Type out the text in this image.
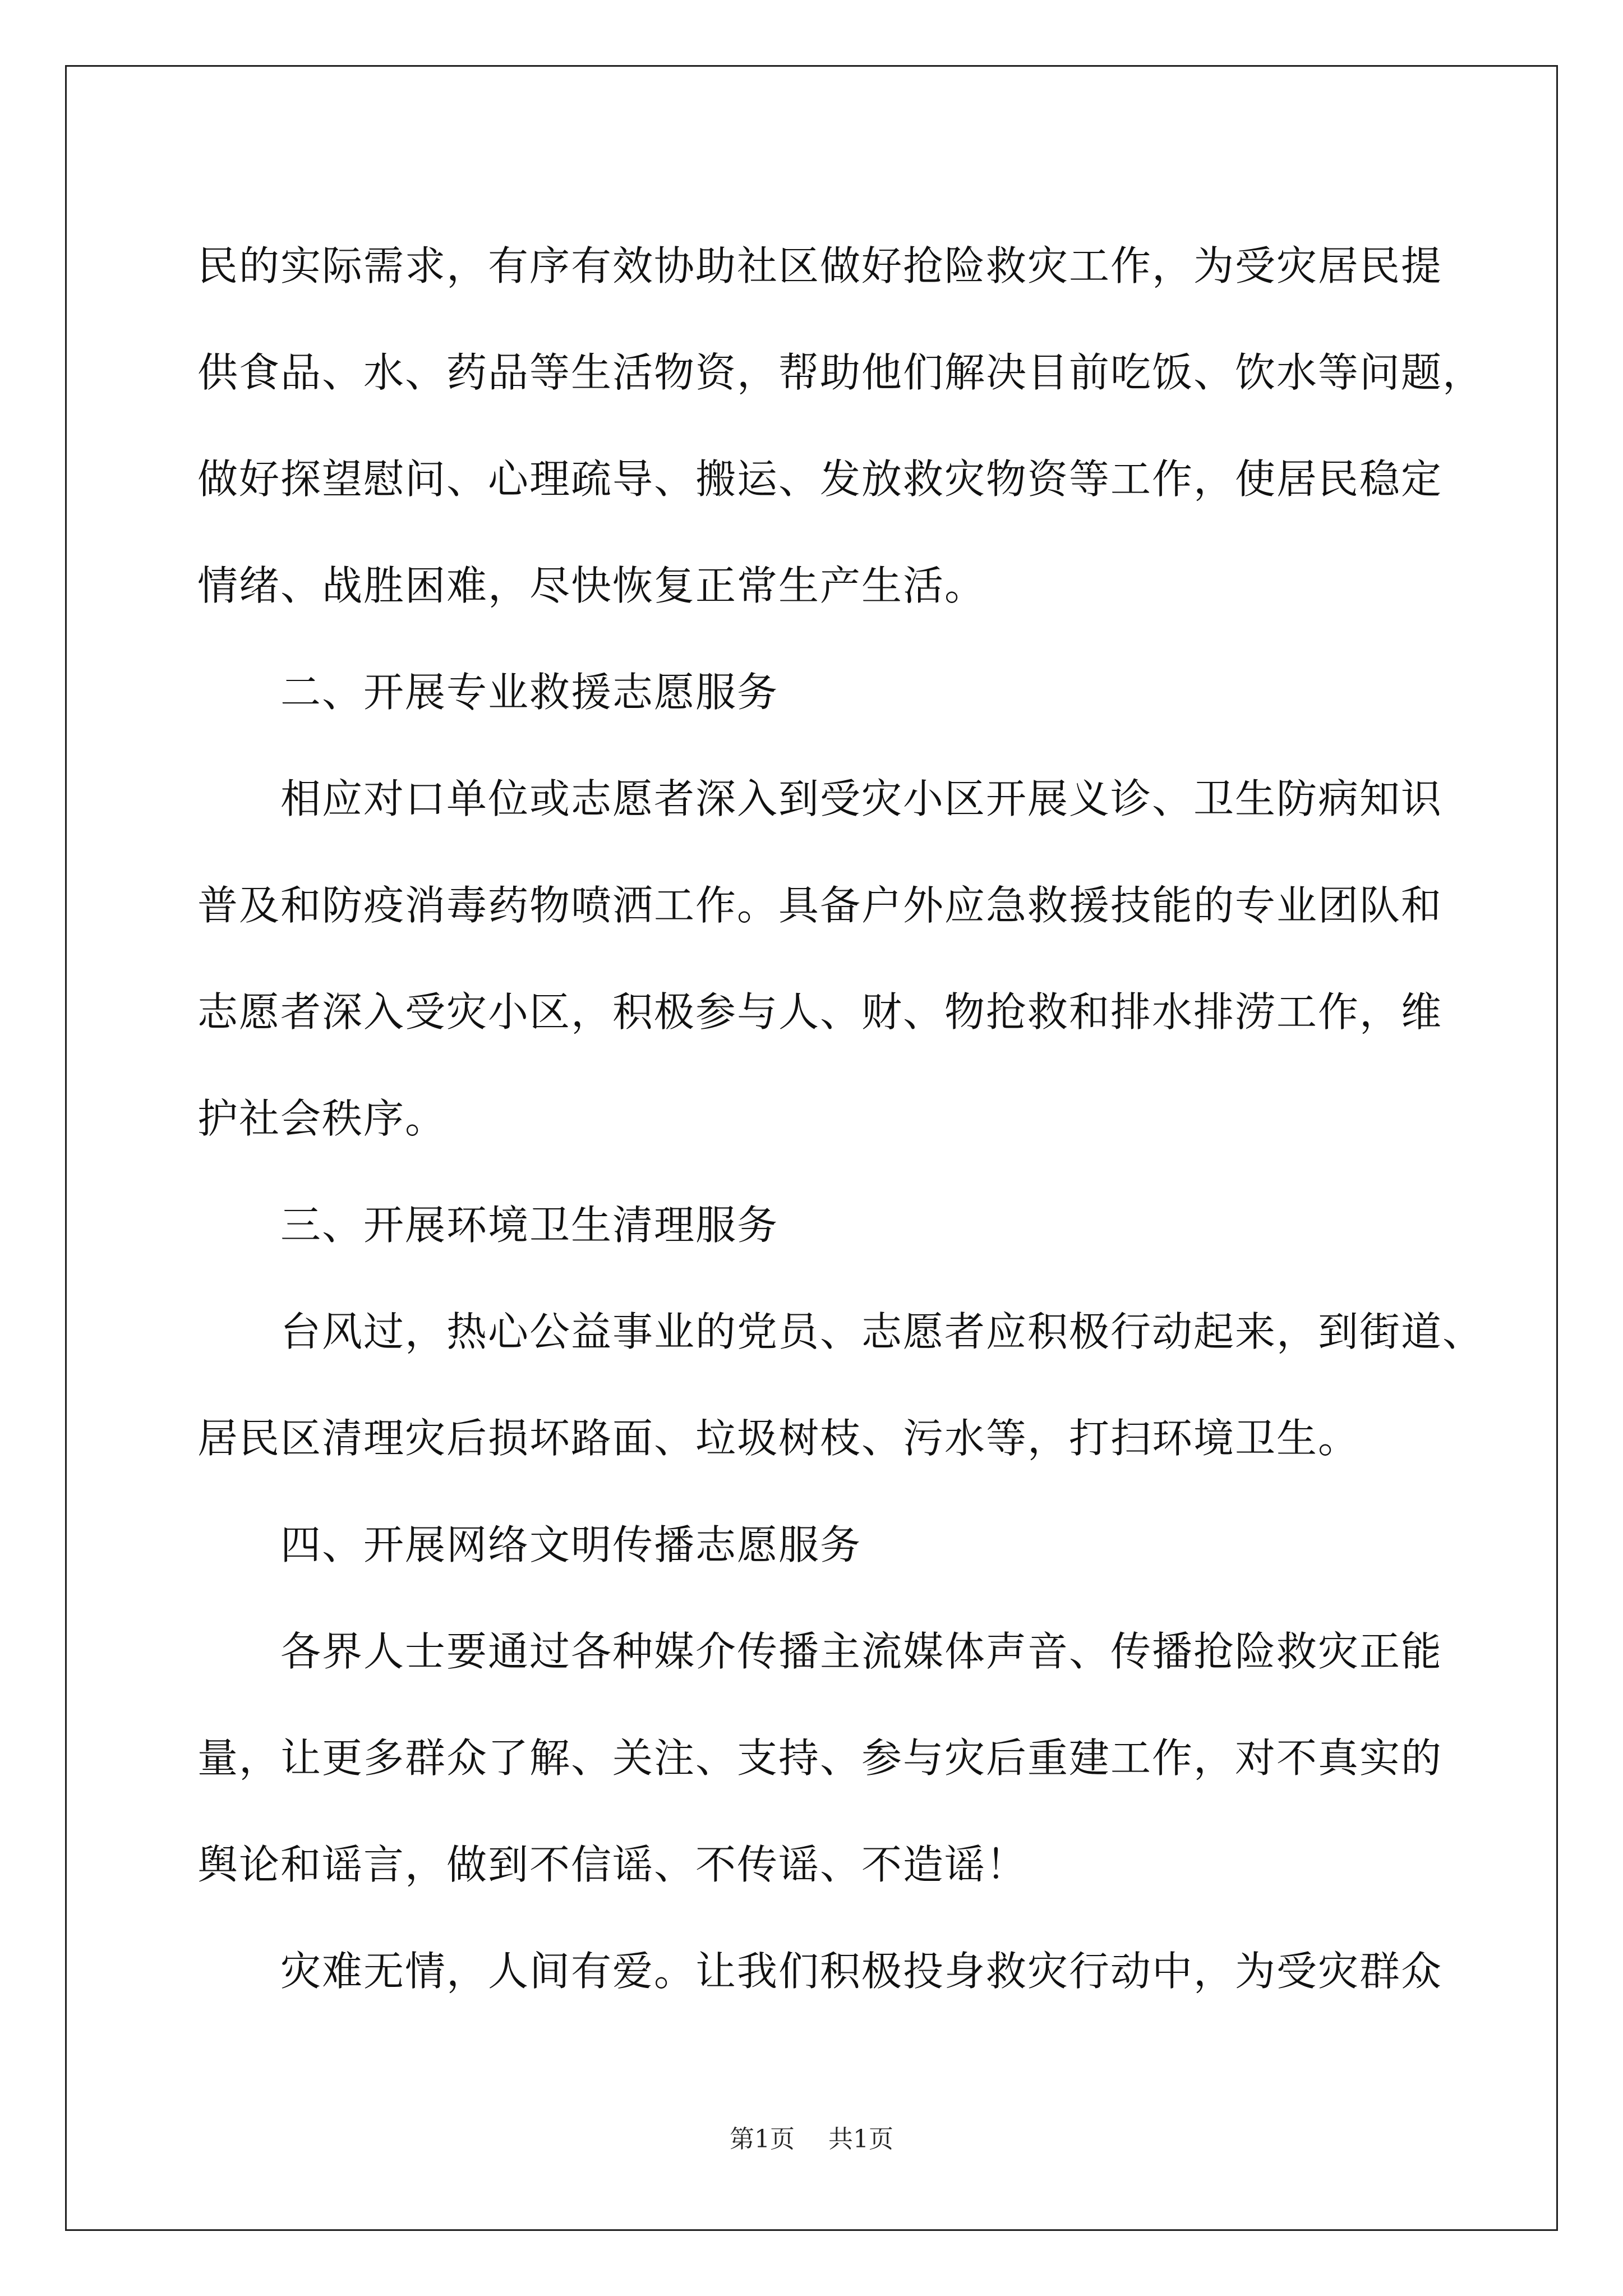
民的实际需求，有序有效协助社区做好抢险救灾工作，为受灾居民提
供食品、水、药品等生活物资，帮助他们解决目前吃饭、饮水等问题，
做好探望慰问、心理疏导、搬运、发放救灾物资等工作，使居民稳定
情绪、战胜困难，尽快恢复正常生产生活。
　　二、开展专业救援志愿服务
　　相应对口单位或志愿者深入到受灾小区开展义诊、卫生防病知识
普及和防疫消毒药物喷洒工作。具备户外应急救援技能的专业团队和
志愿者深入受灾小区，积极参与人、财、物抢救和排水排涝工作，维
护社会秩序。
　　三、开展环境卫生清理服务
　　台风过，热心公益事业的党员、志愿者应积极行动起来，到街道、
居民区清理灾后损坏路面、垃圾树枝、污水等，打扫环境卫生。
　　四、开展网络文明传播志愿服务
　　各界人士要通过各种媒介传播主流媒体声音、传播抢险救灾正能
量，让更多群众了解、关注、支持、参与灾后重建工作，对不真实的
舆论和谣言，做到不信谣、不传谣、不造谣！
　　灾难无情，人间有爱。让我们积极投身救灾行动中，为受灾群众
第1页 共1页
